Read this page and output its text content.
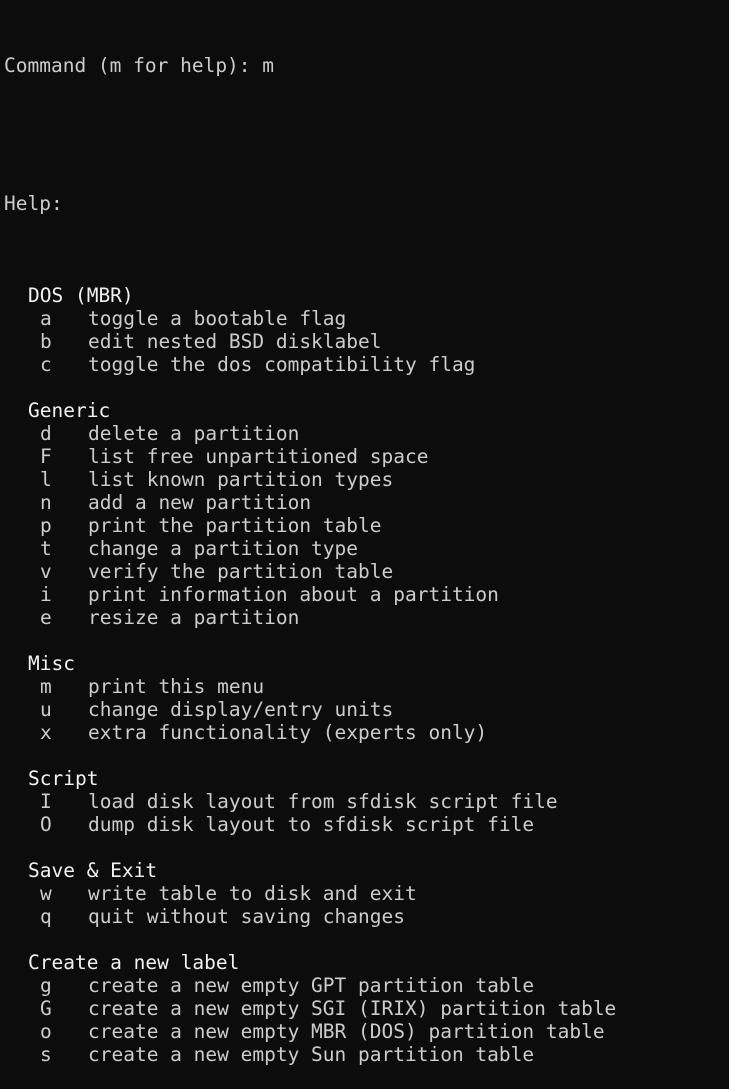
Command (m for help): m

Help:

DOS (MBR)
a	toggle a bootable flag
b	edit nested BSD disklabel
c	toggle the dos compatibility flag
Generic
d	delete a partition
F	list free unpartitioned space
l	list known partition types
n	add a new partition
p	print the partition table
t	change a partition type
v	verify the partition table
i	print information about a partition
e	resize a partition
Misc
m	print this menu
u	change display/entry units
x	extra functionality (experts only)
Script
I	load disk layout from sfdisk script file
O	dump disk layout to sfdisk script file
Save & Exit
w	write table to disk and exit
q	quit without saving changes
Create a new label
g	create a new empty GPT partition table
G	create a new empty SGI (IRIX) partition table
o	create a new empty MBR (DOS) partition table
s	create a new empty Sun partition table
